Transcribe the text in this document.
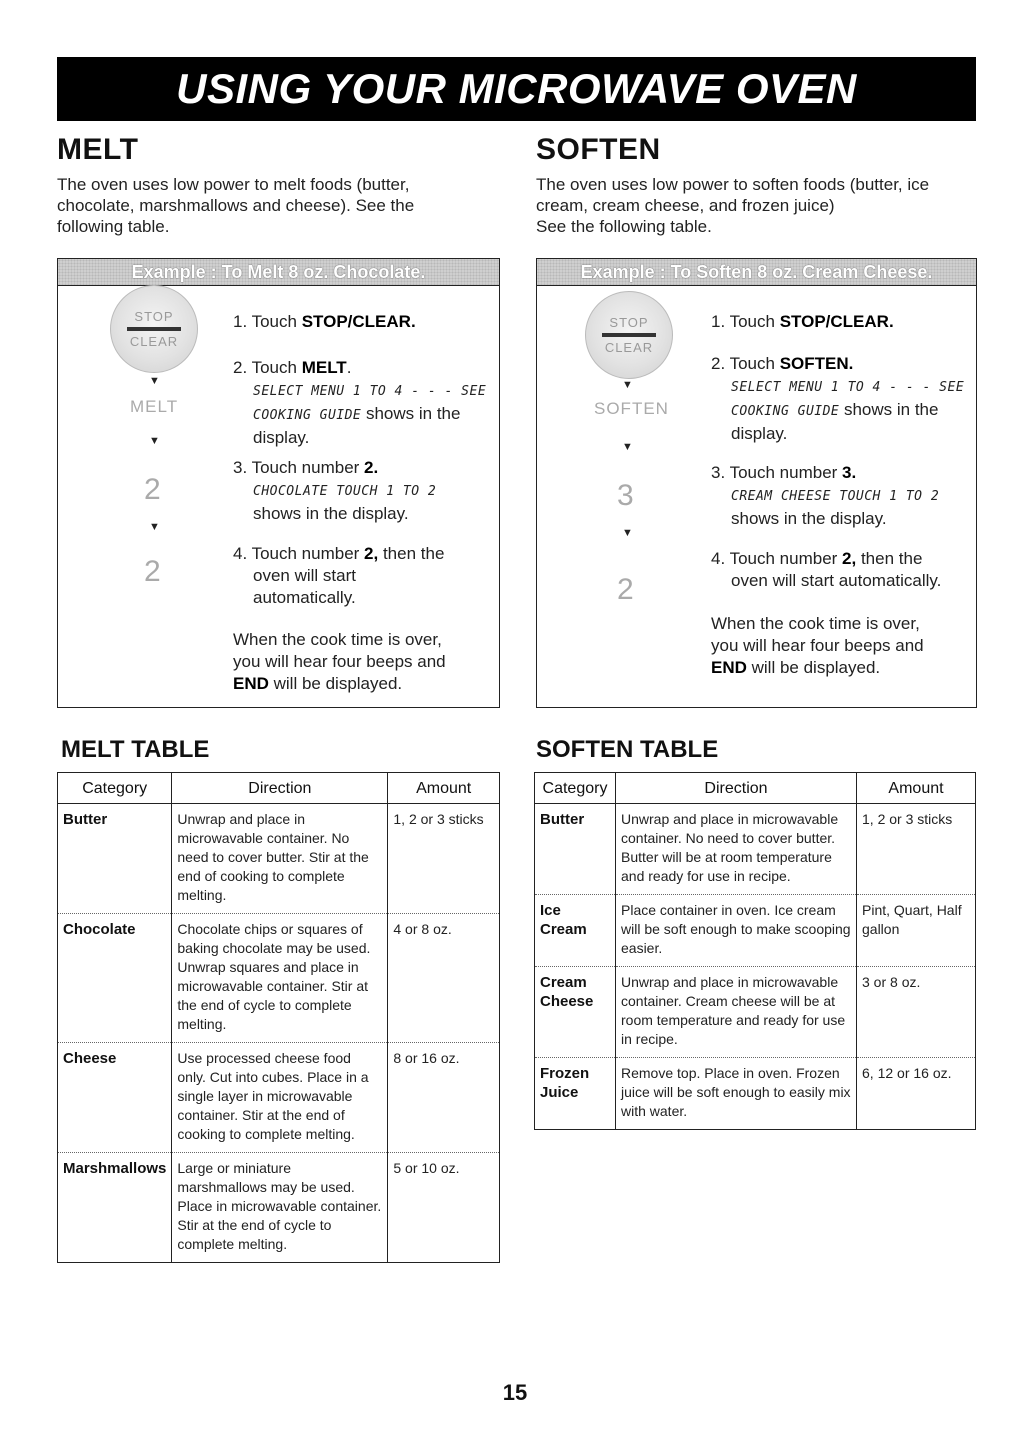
USING YOUR MICROWAVE OVEN
MELT

The oven uses low power to melt foods (butter, chocolate, marshmallows and cheese). See the following table.

Example : To Melt 8 oz. Chocolate.
STOP
CLEAR
▼
MELT
▼
2
▼
2

1. Touch STOP/CLEAR.

2. Touch MELT.
SELECT MENU 1 TO 4 - - - SEE
COOKING GUIDE shows in the
display.

3. Touch number 2.
CHOCOLATE TOUCH 1 TO 2
shows in the display.

4. Touch number 2, then the
oven will start
automatically.

When the cook time is over,
you will hear four beeps and
END will be displayed.

SOFTEN

The oven uses low power to soften foods (butter, ice cream, cream cheese, and frozen juice)

See the following table.

Example : To Soften 8 oz. Cream Cheese.
STOP
CLEAR
▼
SOFTEN
▼
3
▼
2

1. Touch STOP/CLEAR.

2. Touch SOFTEN.
SELECT MENU 1 TO 4 - - - SEE
COOKING GUIDE shows in the
display.

3. Touch number 3.
CREAM CHEESE TOUCH 1 TO 2
shows in the display.

4. Touch number 2, then the
oven will start automatically.

When the cook time is over,
you will hear four beeps and
END will be displayed.

MELT TABLE
Category	Direction	Amount
Butter	Unwrap and place in microwavable container. No need to cover butter. Stir at the end of cooking to complete melting.	1, 2 or 3 sticks
Chocolate	Chocolate chips or squares of baking chocolate may be used. Unwrap squares and place in microwavable container. Stir at the end of cycle to complete melting.	4 or 8 oz.
Cheese	Use processed cheese food only. Cut into cubes. Place in a single layer in microwavable container. Stir at the end of cooking to complete melting.	8 or 16 oz.
Marshmallows	Large or miniature marshmallows may be used. Place in microwavable container. Stir at the end of cycle to complete melting.	5 or 10 oz.
SOFTEN TABLE
Category	Direction	Amount
Butter	Unwrap and place in microwavable container. No need to cover butter. Butter will be at room temperature and ready for use in recipe.	1, 2 or 3 sticks
Ice Cream	Place container in oven. Ice cream will be soft enough to make scooping easier.	Pint, Quart, Half gallon
Cream Cheese	Unwrap and place in microwavable container. Cream cheese will be at room temperature and ready for use in recipe.	3 or 8 oz.
Frozen Juice	Remove top. Place in oven. Frozen juice will be soft enough to easily mix with water.	6, 12 or 16 oz.
15
